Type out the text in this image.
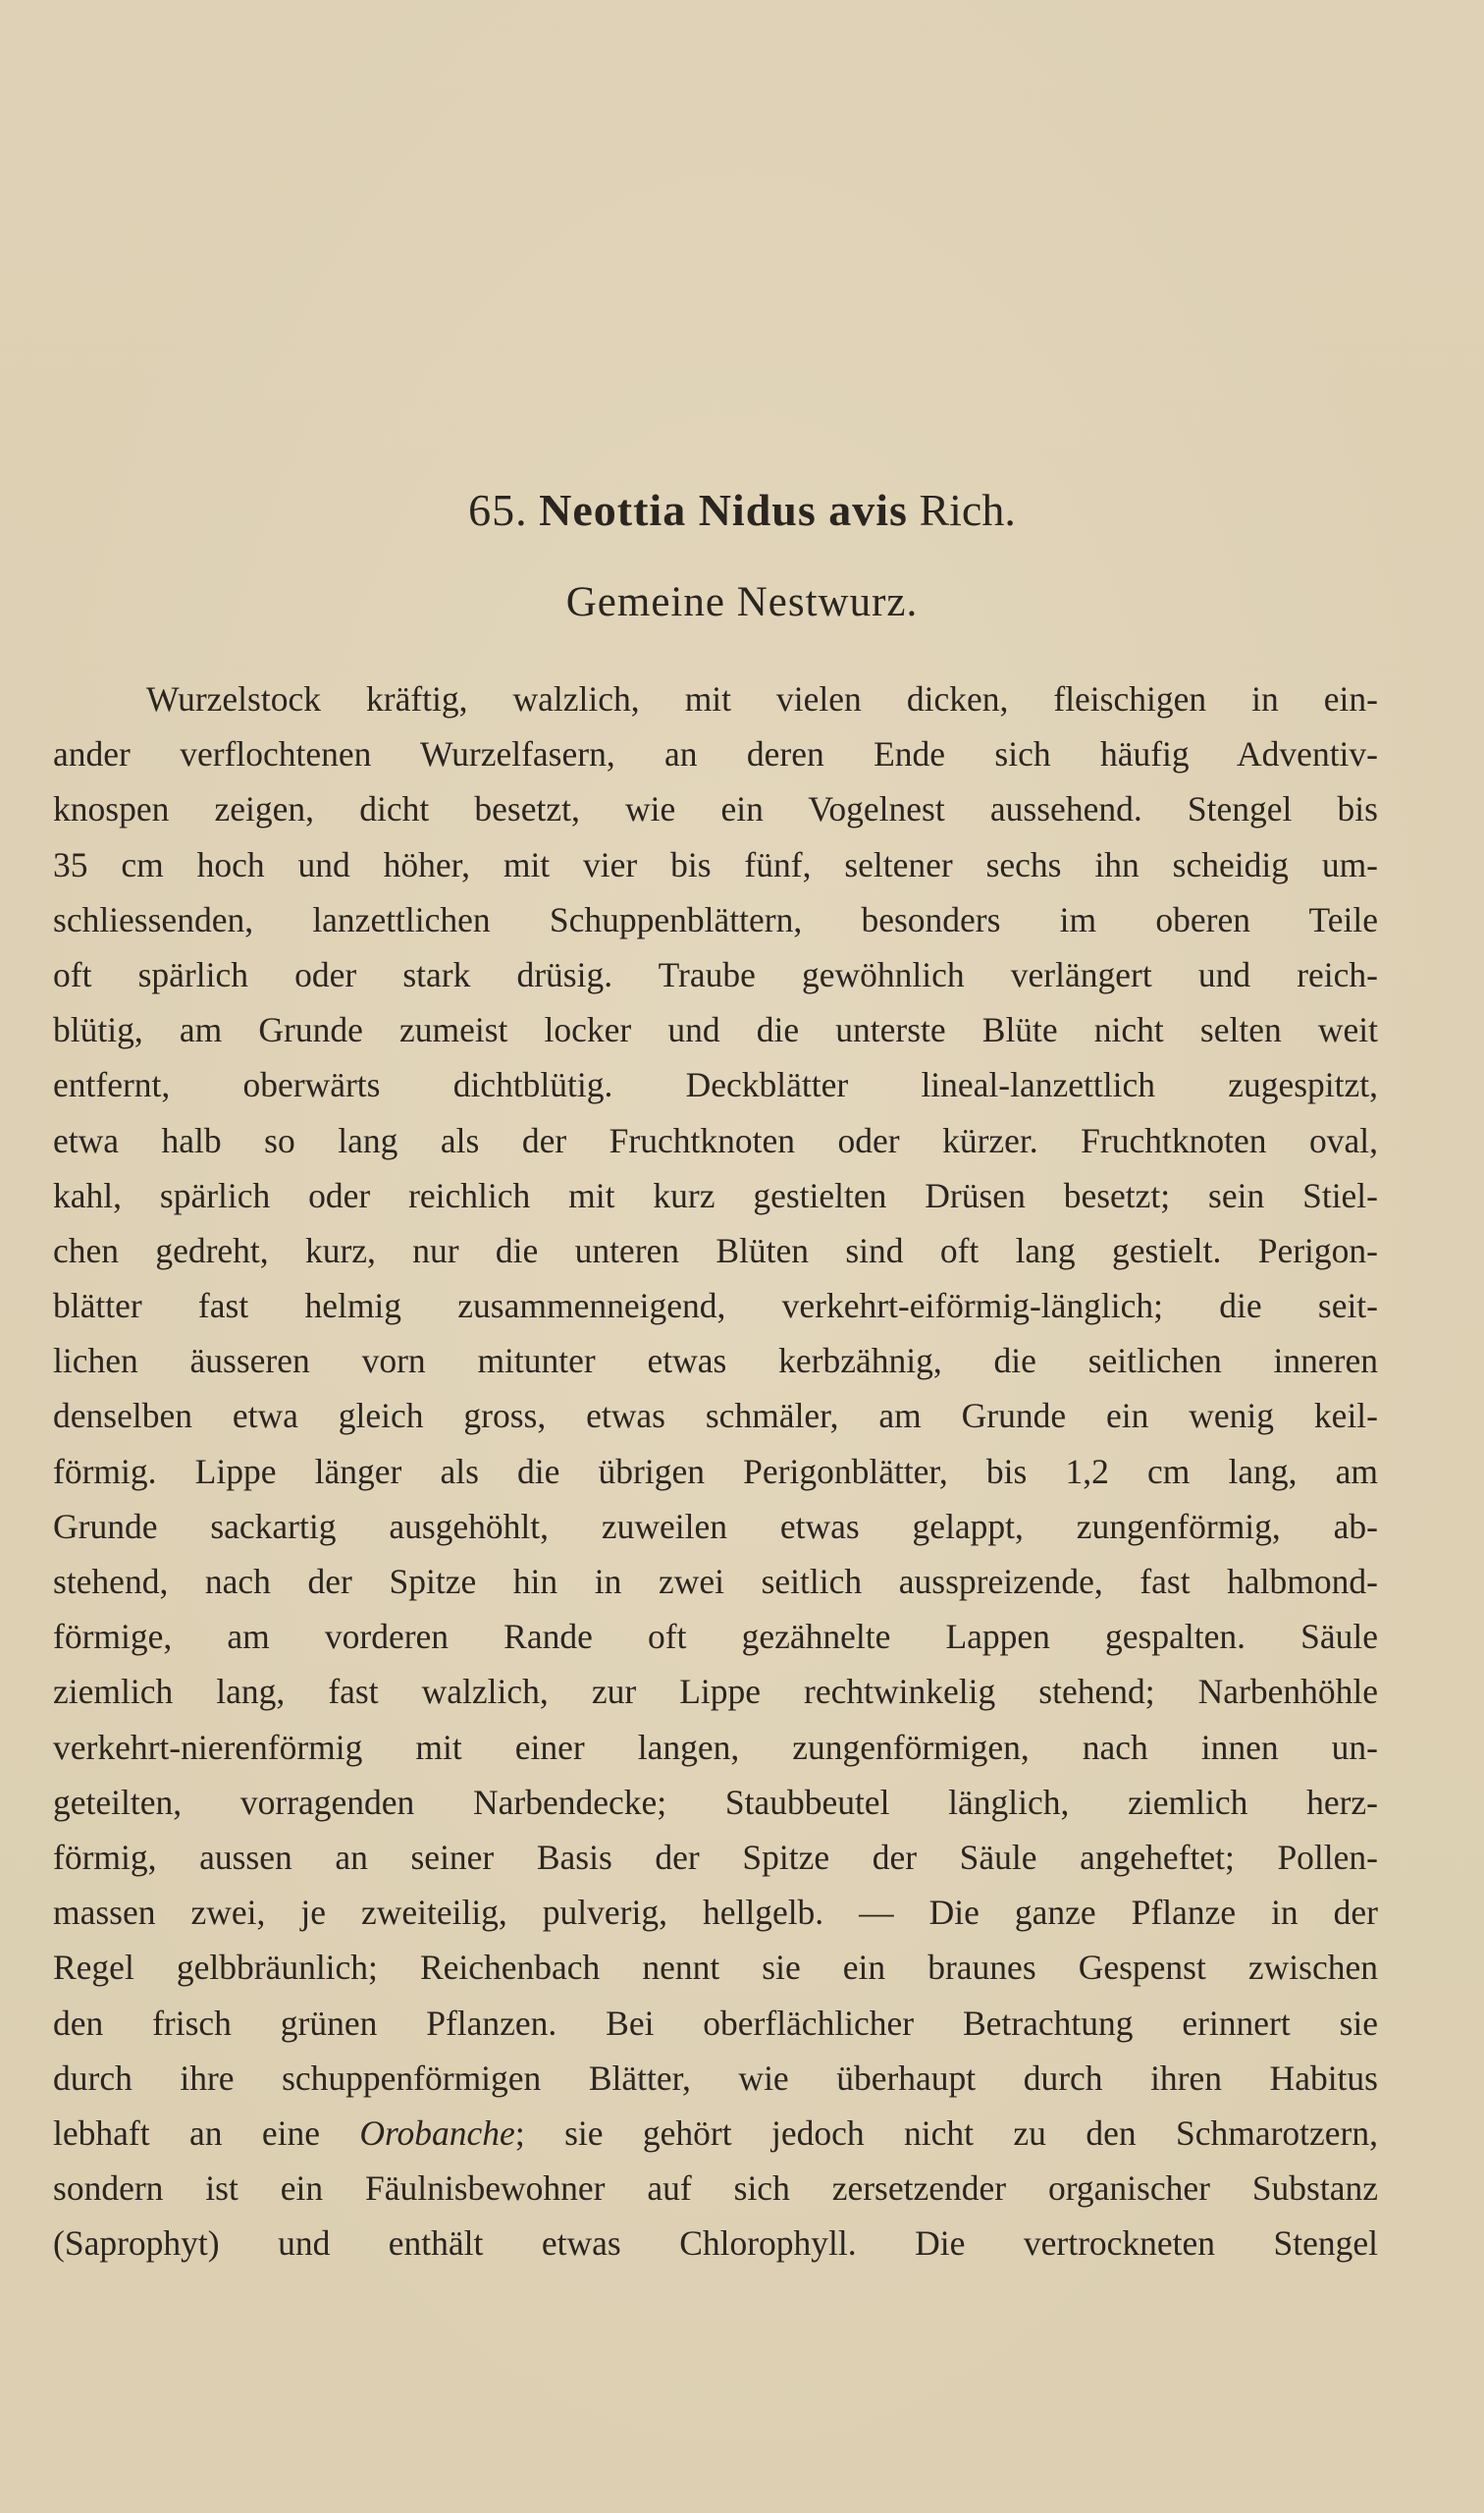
65. Neottia Nidus avis Rich.
Gemeine Nestwurz.
Wurzelstock kräftig, walzlich, mit vielen dicken, fleischigen in ein-
ander verflochtenen Wurzelfasern, an deren Ende sich häufig Adventiv-
knospen zeigen, dicht besetzt, wie ein Vogelnest aussehend. Stengel bis
35 cm hoch und höher, mit vier bis fünf, seltener sechs ihn scheidig um-
schliessenden, lanzettlichen Schuppenblättern, besonders im oberen Teile
oft spärlich oder stark drüsig. Traube gewöhnlich verlängert und reich-
blütig, am Grunde zumeist locker und die unterste Blüte nicht selten weit
entfernt, oberwärts dichtblütig. Deckblätter lineal-lanzettlich zugespitzt,
etwa halb so lang als der Fruchtknoten oder kürzer. Fruchtknoten oval,
kahl, spärlich oder reichlich mit kurz gestielten Drüsen besetzt; sein Stiel-
chen gedreht, kurz, nur die unteren Blüten sind oft lang gestielt. Perigon-
blätter fast helmig zusammenneigend, verkehrt-eiförmig-länglich; die seit-
lichen äusseren vorn mitunter etwas kerbzähnig, die seitlichen inneren
denselben etwa gleich gross, etwas schmäler, am Grunde ein wenig keil-
förmig. Lippe länger als die übrigen Perigonblätter, bis 1,2 cm lang, am
Grunde sackartig ausgehöhlt, zuweilen etwas gelappt, zungenförmig, ab-
stehend, nach der Spitze hin in zwei seitlich ausspreizende, fast halbmond-
förmige, am vorderen Rande oft gezähnelte Lappen gespalten. Säule
ziemlich lang, fast walzlich, zur Lippe rechtwinkelig stehend; Narbenhöhle
verkehrt-nierenförmig mit einer langen, zungenförmigen, nach innen un-
geteilten, vorragenden Narbendecke; Staubbeutel länglich, ziemlich herz-
förmig, aussen an seiner Basis der Spitze der Säule angeheftet; Pollen-
massen zwei, je zweiteilig, pulverig, hellgelb. — Die ganze Pflanze in der
Regel gelbbräunlich; Reichenbach nennt sie ein braunes Gespenst zwischen
den frisch grünen Pflanzen. Bei oberflächlicher Betrachtung erinnert sie
durch ihre schuppenförmigen Blätter, wie überhaupt durch ihren Habitus
lebhaft an eine Orobanche; sie gehört jedoch nicht zu den Schmarotzern,
sondern ist ein Fäulnisbewohner auf sich zersetzender organischer Substanz
(Saprophyt) und enthält etwas Chlorophyll. Die vertrockneten Stengel
